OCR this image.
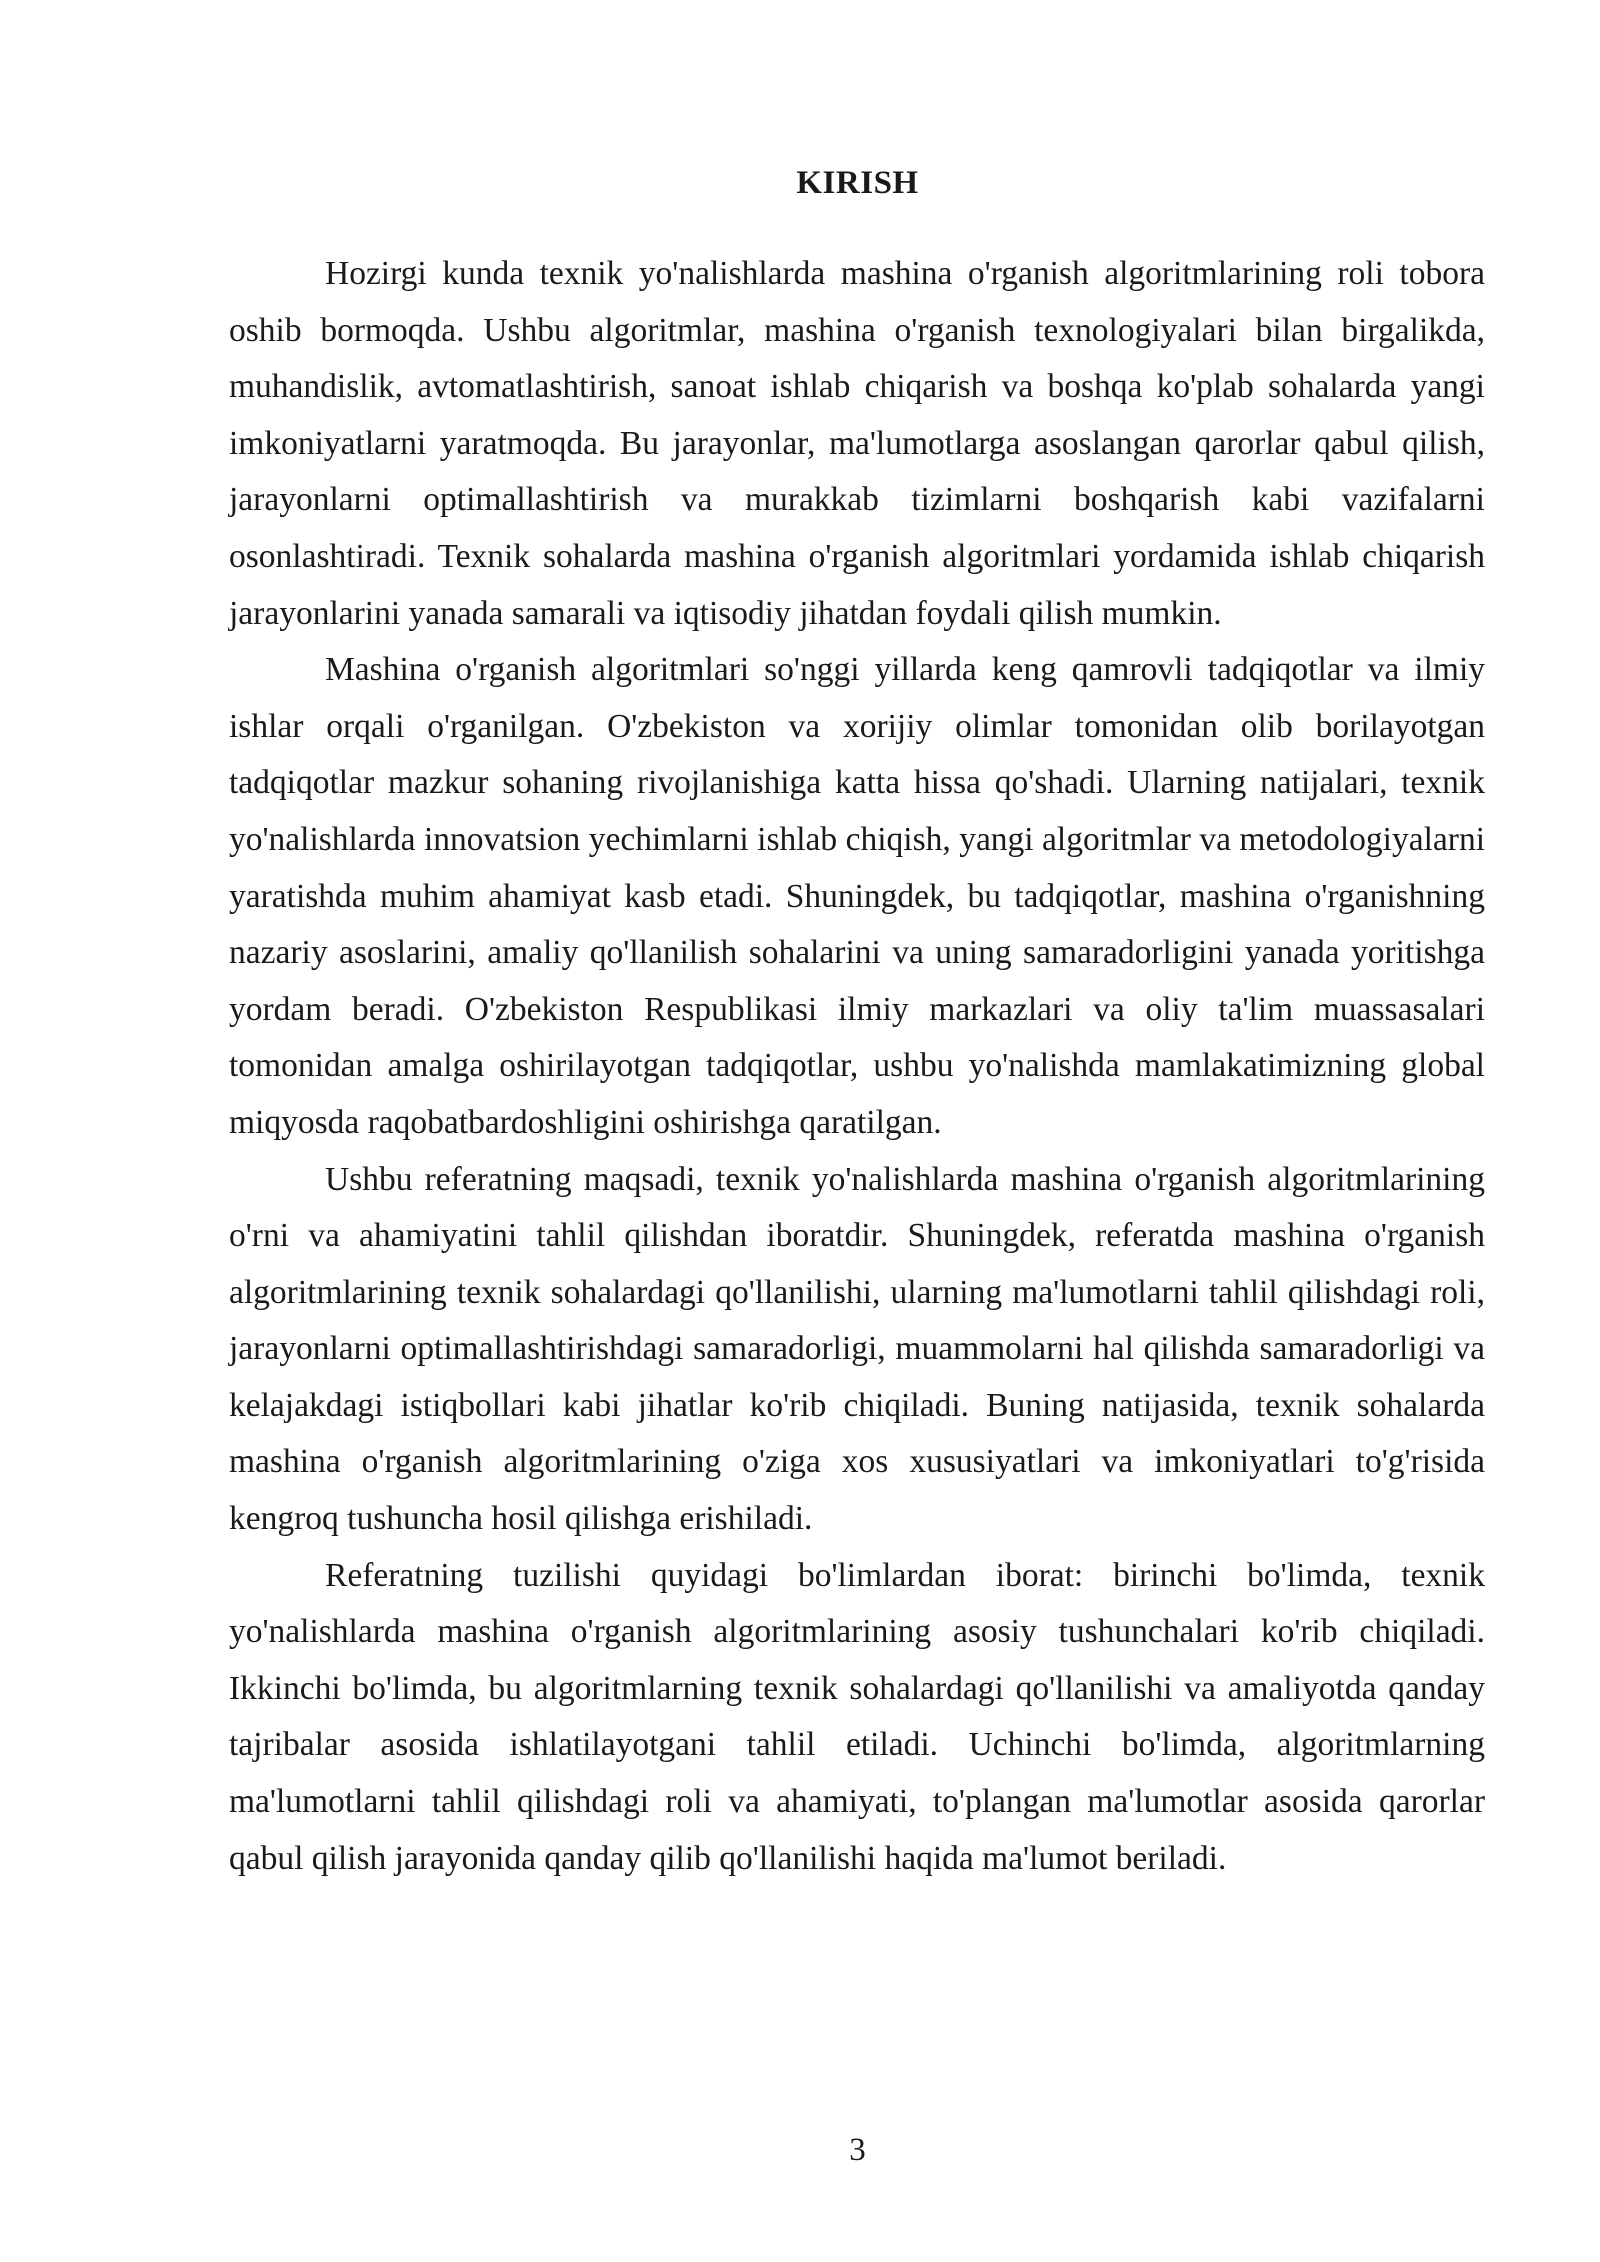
KIRISH

Hozirgi kunda texnik yo'nalishlarda mashina o'rganish algoritmlarining roli tobora oshib bormoqda. Ushbu algoritmlar, mashina o'rganish texnologiyalari bilan birgalikda, muhandislik, avtomatlashtirish, sanoat ishlab chiqarish va boshqa ko'plab sohalarda yangi imkoniyatlarni yaratmoqda. Bu jarayonlar, ma'lumotlarga asoslangan qarorlar qabul qilish, jarayonlarni optimallashtirish va murakkab tizimlarni boshqarish kabi vazifalarni osonlashtiradi. Texnik sohalarda mashina o'rganish algoritmlari yordamida ishlab chiqarish jarayonlarini yanada samarali va iqtisodiy jihatdan foydali qilish mumkin.

Mashina o'rganish algoritmlari so'nggi yillarda keng qamrovli tadqiqotlar va ilmiy ishlar orqali o'rganilgan. O'zbekiston va xorijiy olimlar tomonidan olib borilayotgan tadqiqotlar mazkur sohaning rivojlanishiga katta hissa qo'shadi. Ularning natijalari, texnik yo'nalishlarda innovatsion yechimlarni ishlab chiqish, yangi algoritmlar va metodologiyalarni yaratishda muhim ahamiyat kasb etadi. Shuningdek, bu tadqiqotlar, mashina o'rganishning nazariy asoslarini, amaliy qo'llanilish sohalarini va uning samaradorligini yanada yoritishga yordam beradi. O'zbekiston Respublikasi ilmiy markazlari va oliy ta'lim muassasalari tomonidan amalga oshirilayotgan tadqiqotlar, ushbu yo'nalishda mamlakatimizning global miqyosda raqobatbardoshligini oshirishga qaratilgan.

Ushbu referatning maqsadi, texnik yo'nalishlarda mashina o'rganish algoritmlarining o'rni va ahamiyatini tahlil qilishdan iboratdir. Shuningdek, referatda mashina o'rganish algoritmlarining texnik sohalardagi qo'llanilishi, ularning ma'lumotlarni tahlil qilishdagi roli, jarayonlarni optimallashtirishdagi samaradorligi, muammolarni hal qilishda samaradorligi va kelajakdagi istiqbollari kabi jihatlar ko'rib chiqiladi. Buning natijasida, texnik sohalarda mashina o'rganish algoritmlarining o'ziga xos xususiyatlari va imkoniyatlari to'g'risida kengroq tushuncha hosil qilishga erishiladi.

Referatning tuzilishi quyidagi bo'limlardan iborat: birinchi bo'limda, texnik yo'nalishlarda mashina o'rganish algoritmlarining asosiy tushunchalari ko'rib chiqiladi. Ikkinchi bo'limda, bu algoritmlarning texnik sohalardagi qo'llanilishi va amaliyotda qanday tajribalar asosida ishlatilayotgani tahlil etiladi. Uchinchi bo'limda, algoritmlarning ma'lumotlarni tahlil qilishdagi roli va ahamiyati, to'plangan ma'lumotlar asosida qarorlar qabul qilish jarayonida qanday qilib qo'llanilishi haqida ma'lumot beriladi.

3
